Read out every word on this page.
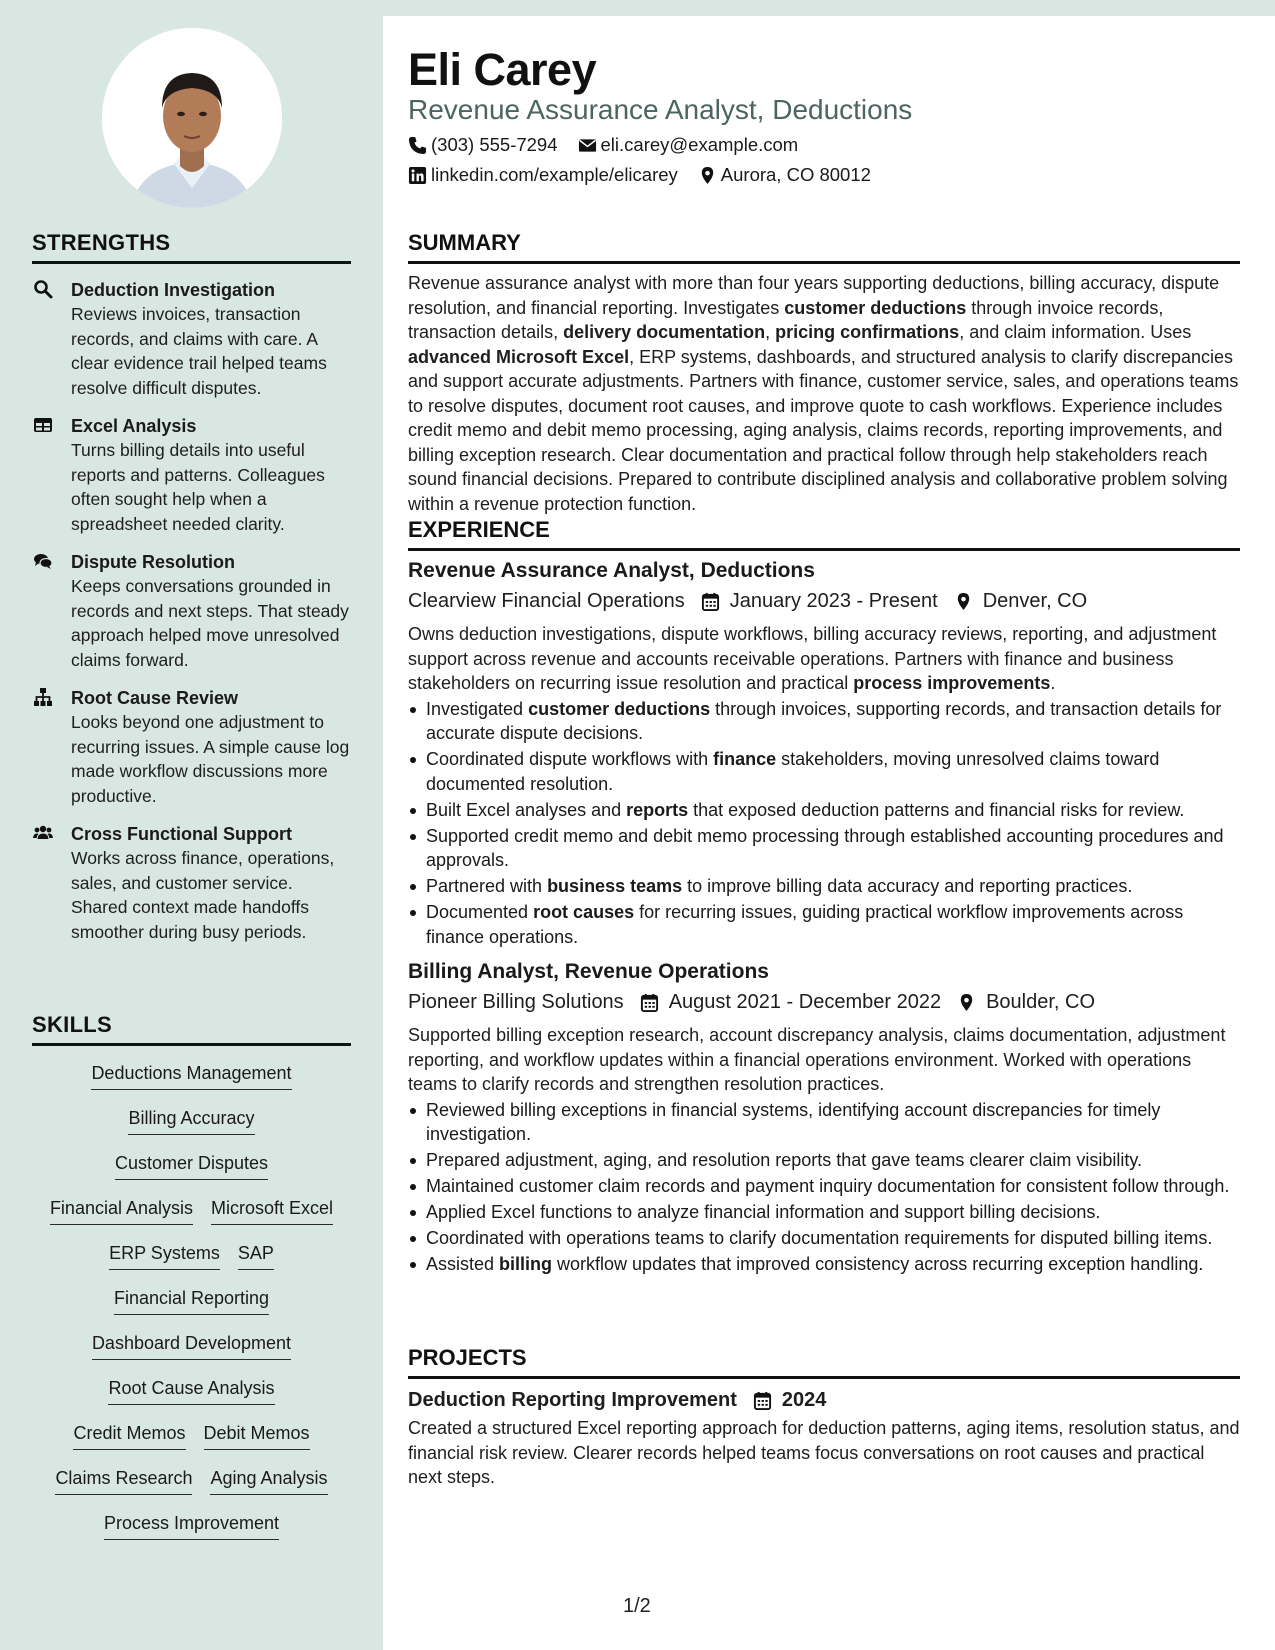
STRENGTHS
Deduction Investigation
Reviews invoices, transaction records, and claims with care. A clear evidence trail helped teams resolve difficult disputes.
Excel Analysis
Turns billing details into useful reports and patterns. Colleagues often sought help when a spreadsheet needed clarity.
Dispute Resolution
Keeps conversations grounded in records and next steps. That steady approach helped move unresolved claims forward.
Root Cause Review
Looks beyond one adjustment to recurring issues. A simple cause log made workflow discussions more productive.
Cross Functional Support
Works across finance, operations, sales, and customer service. Shared context made handoffs smoother during busy periods.
SKILLS
Deductions Management
Billing Accuracy
Customer Disputes
Financial Analysis Microsoft Excel
ERP Systems SAP
Financial Reporting
Dashboard Development
Root Cause Analysis
Credit Memos Debit Memos
Claims Research Aging Analysis
Process Improvement
Eli Carey
Revenue Assurance Analyst, Deductions
(303) 555-7294 eli.carey@example.com
linkedin.com/example/elicarey Aurora, CO 80012
SUMMARY
Revenue assurance analyst with more than four years supporting deductions, billing accuracy, dispute resolution, and financial reporting. Investigates customer deductions through invoice records, transaction details, delivery documentation, pricing confirmations, and claim information. Uses advanced Microsoft Excel, ERP systems, dashboards, and structured analysis to clarify discrepancies and support accurate adjustments. Partners with finance, customer service, sales, and operations teams to resolve disputes, document root causes, and improve quote to cash workflows. Experience includes credit memo and debit memo processing, aging analysis, claims records, reporting improvements, and billing exception research. Clear documentation and practical follow through help stakeholders reach sound financial decisions. Prepared to contribute disciplined analysis and collaborative problem solving within a revenue protection function.
EXPERIENCE
Revenue Assurance Analyst, Deductions
Clearview Financial Operations January 2023 - Present Denver, CO
Owns deduction investigations, dispute workflows, billing accuracy reviews, reporting, and adjustment support across revenue and accounts receivable operations. Partners with finance and business stakeholders on recurring issue resolution and practical process improvements.
Investigated customer deductions through invoices, supporting records, and transaction details for accurate dispute decisions.
Coordinated dispute workflows with finance stakeholders, moving unresolved claims toward documented resolution.
Built Excel analyses and reports that exposed deduction patterns and financial risks for review.
Supported credit memo and debit memo processing through established accounting procedures and approvals.
Partnered with business teams to improve billing data accuracy and reporting practices.
Documented root causes for recurring issues, guiding practical workflow improvements across finance operations.
Billing Analyst, Revenue Operations
Pioneer Billing Solutions August 2021 - December 2022 Boulder, CO
Supported billing exception research, account discrepancy analysis, claims documentation, adjustment reporting, and workflow updates within a financial operations environment. Worked with operations teams to clarify records and strengthen resolution practices.
Reviewed billing exceptions in financial systems, identifying account discrepancies for timely investigation.
Prepared adjustment, aging, and resolution reports that gave teams clearer claim visibility.
Maintained customer claim records and payment inquiry documentation for consistent follow through.
Applied Excel functions to analyze financial information and support billing decisions.
Coordinated with operations teams to clarify documentation requirements for disputed billing items.
Assisted billing workflow updates that improved consistency across recurring exception handling.
PROJECTS
Deduction Reporting Improvement 2024
Created a structured Excel reporting approach for deduction patterns, aging items, resolution status, and financial risk review. Clearer records helped teams focus conversations on root causes and practical next steps.
1/2
